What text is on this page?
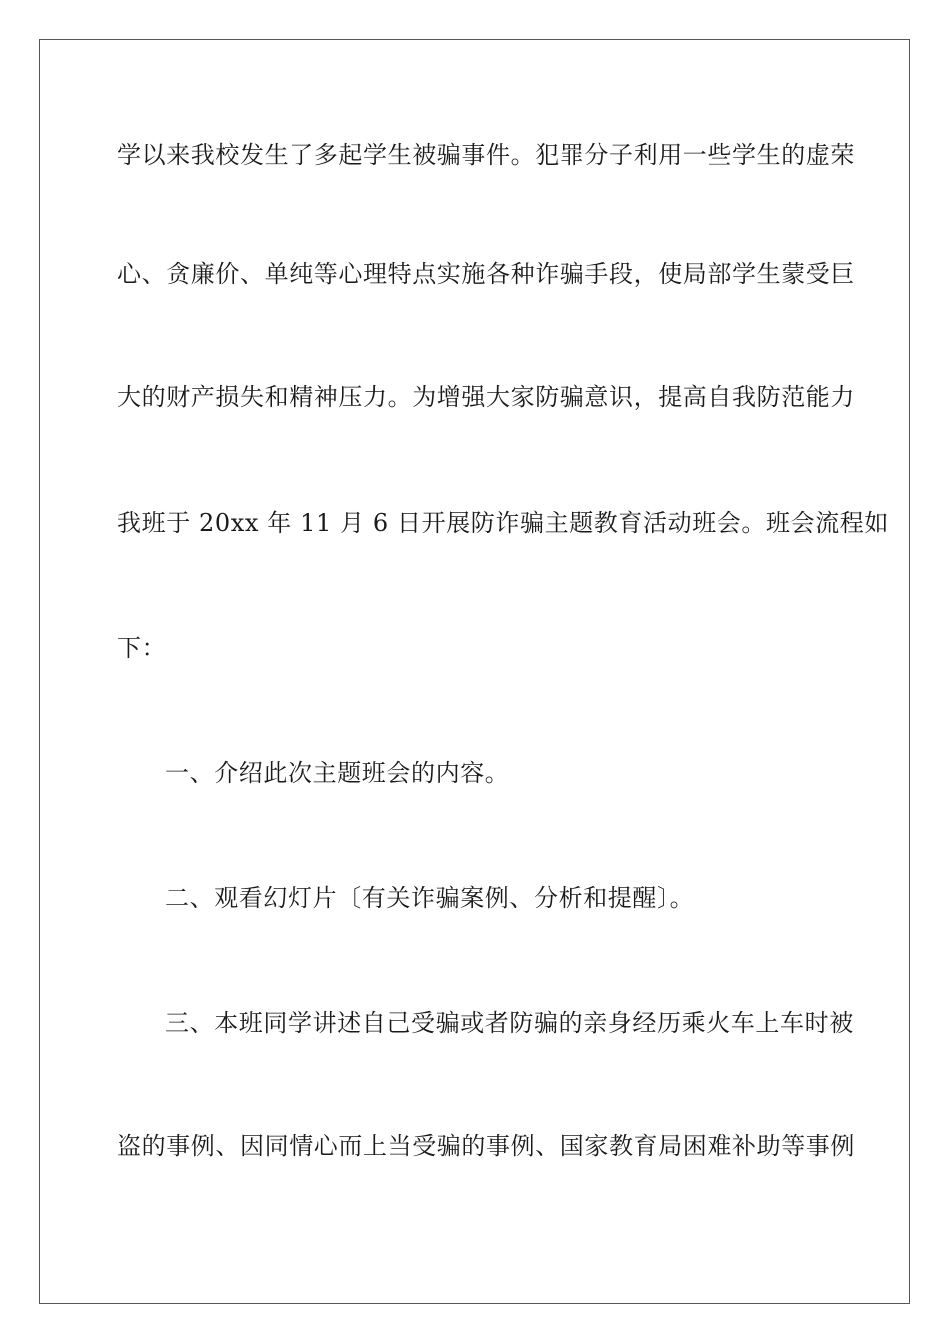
学以来我校发生了多起学生被骗事件。犯罪分子利用一些学生的虚荣
心、贪廉价、单纯等心理特点实施各种诈骗手段，使局部学生蒙受巨
大的财产损失和精神压力。为增强大家防骗意识，提高自我防范能力
我班于 20xx 年 11 月 6 日开展防诈骗主题教育活动班会。班会流程如
下：
一、介绍此次主题班会的内容。
二、观看幻灯片〔有关诈骗案例、分析和提醒〕。
三、本班同学讲述自己受骗或者防骗的亲身经历乘火车上车时被
盗的事例、因同情心而上当受骗的事例、国家教育局困难补助等事例
